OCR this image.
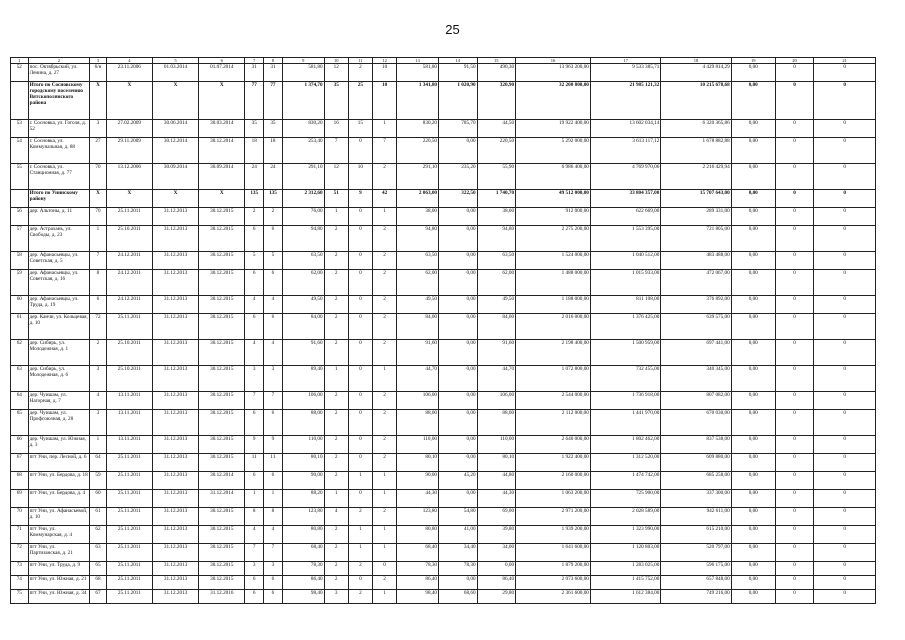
25
1	2	3	4	5	6	7	8	9	10	11	12	13	14	15	16	17	18	19	20	21
52	пос. Октябрьский, ул. Ленина, д. 27	6/н	23.11.2006	01.03.2014	01.07.2014	31	31	581,80	12	2	10	581,80	91,50	490,30	13 963 200,00	9 533 385,71	4 429 814,29	0,00	0	0
	Итого по Сосновскому городскому поселению Вятскополянского района	X	X	X	X	77	77	1 374,70	35	25	10	1 341,80	1 020,90	320,90	32 200 800,00	21 985 121,32	10 215 678,68	0,00	0	0
53	г. Сосновка, ул. Гоголя, д. 52	3	27.02.2009	30.06.2014	30.03.2014	35	35	830,20	16	15	1	830,20	785,70	44,50	19 922 400,00	13 602 034,14	6 320 365,86	0,00	0	0
54	г. Сосновка, ул. Коммунальная, д. 88	27	29.11.2009	30.12.2014	30.12.2014	18	18	253,40	7	0	7	220,50	0,00	220,50	5 292 000,00	3 613 117,12	1 678 882,88	0,00	0	0
55	г. Сосновка, ул. Станционная, д. 77	70	13.12.2006	30.09.2014	30.09.2014	24	24	291,10	12	10	2	291,10	235,20	55,90	6 986 400,00	4 769 970,06	2 216 429,94	0,00	0	0
	Итого по Унинскому району	X	X	X	X	135	135	2 312,60	51	9	42	2 063,00	322,50	1 740,70	49 512 000,00	33 804 357,00	15 707 643,00	0,00	0	0
56	дер. Альтоны, д. 11	70	25.11.2011	31.12.2013	30.12.2015	2	2	76,00	1	0	1	38,00	0,00	38,00	912 000,00	622 669,00	289 331,00	0,00	0	0
57	дер. Астрахань, ул. Свободы, д. 23	1	25.10.2011	31.12.2013	30.12.2015	6	6	94,80	2	0	2	94,80	0,00	94,80	2 275 200,00	1 553 395,00	721 805,00	0,00	0	0
58	дер. Афанасьевцы, ул. Советская, д. 5	7	24.12.2011	31.12.2013	30.12.2015	5	5	63,50	2	0	2	63,50	0,00	63,50	1 524 000,00	1 040 512,00	483 488,00	0,00	0	0
59	дер. Афанасьевцы, ул. Советская, д. 16	8	24.12.2011	31.12.2013	30.12.2015	6	6	62,00	2	0	2	62,00	0,00	62,00	1 488 000,00	1 015 933,00	472 067,00	0,00	0	0
60	дер. Афанасьевцы, ул. Труда, д. 19	6	24.12.2011	31.12.2013	30.12.2015	4	4	49,50	2	0	2	49,50	0,00	49,50	1 188 000,00	811 108,00	376 892,00	0,00	0	0
61	дер. Канчи, ул. Кольцевая, д. 10	72	25.11.2011	31.12.2013	30.12.2015	6	6	84,00	2	0	2	84,00	0,00	84,00	2 016 000,00	1 376 425,00	639 575,00	0,00	0	0
62	дер. Сибирь, ул. Молодежная, д. 1	2	25.10.2011	31.12.2013	30.12.2015	4	4	91,60	2	0	2	91,60	0,00	91,60	2 198 400,00	1 500 959,00	697 441,00	0,00	0	0
63	дер. Сибирь, ул. Молодежная, д. 6	3	25.10.2011	31.12.2013	30.12.2015	3	3	89,40	1	0	1	44,70	0,00	44,70	1 072 800,00	732 455,00	340 345,00	0,00	0	0
64	дер. Чуишам, ул. Нагорная, д. 7	4	13.11.2011	31.12.2013	30.12.2015	7	7	106,00	2	0	2	106,00	0,00	106,00	2 544 000,00	1 736 918,00	807 082,00	0,00	0	0
65	дер. Чуишам, ул. Профсоюзная, д. 28	3	13.11.2011	31.12.2013	30.12.2015	6	6	88,00	2	0	2	88,00	0,00	88,00	2 112 000,00	1 441 970,00	670 030,00	0,00	0	0
66	дер. Чуишам, ул. Южная, д. 3	1	13.11.2011	31.12.2013	30.12.2015	9	9	110,00	2	0	2	110,00	0,00	110,00	2 640 000,00	1 802 462,00	837 538,00	0,00	0	0
67	пгт Уни, пер. Лесной, д. 6	64	25.11.2011	31.12.2013	30.12.2015	11	11	80,10	2	0	2	80,10	0,00	80,10	1 922 400,00	1 312 520,00	609 880,00	0,00	0	0
68	пгт Уни, ул. Бердова, д. 18	59	25.11.2011	31.12.2013	30.12.2014	6	6	90,00	2	1	1	90,00	45,20	44,80	2 160 000,00	1 474 742,00	685 258,00	0,00	0	0
69	пгт Уни, ул. Бердова, д. 4	60	25.11.2011	31.12.2013	31.12.2014	1	1	88,20	1	0	1	44,30	0,00	44,30	1 063 200,00	725 900,00	337 300,00	0,00	0	0
70	пгт Уни, ул. Афанасьевой, д. 10	61	25.11.2011	31.12.2013	30.12.2015	8	8	123,80	4	2	2	123,80	54,80	69,00	2 971 200,00	2 028 589,00	942 611,00	0,00	0	0
71	пгт Уни, ул. Коммунарская, д. 4	62	25.11.2011	31.12.2013	30.12.2015	4	4	80,80	2	1	1	80,80	41,00	39,80	1 939 200,00	1 323 990,00	615 210,00	0,00	0	0
72	пгт Уни, ул. Партизанская, д. 21	63	25.11.2011	31.12.2013	30.12.2015	7	7	68,40	2	1	1	68,40	34,40	34,00	1 641 600,00	1 120 803,00	520 797,00	0,00	0	0
73	пгт Уни, ул. Труда, д. 9	65	25.11.2011	31.12.2013	30.12.2015	3	3	78,30	2	2	0	78,30	78,30	0,00	1 879 200,00	1 283 025,00	596 175,00	0,00	0	0
74	пгт Уни, ул. Южная, д. 21	68	25.11.2011	31.12.2013	30.12.2015	6	6	86,40	2	0	2	86,40	0,00	86,40	2 073 600,00	1 415 752,00	657 848,00	0,00	0	0
75	пгт Уни, ул. Южная, д. 34	67	25.11.2011	31.12.2013	31.12.2016	6	6	98,40	3	2	1	98,40	68,60	29,80	2 361 600,00	1 612 384,00	749 216,00	0,00	0	0
